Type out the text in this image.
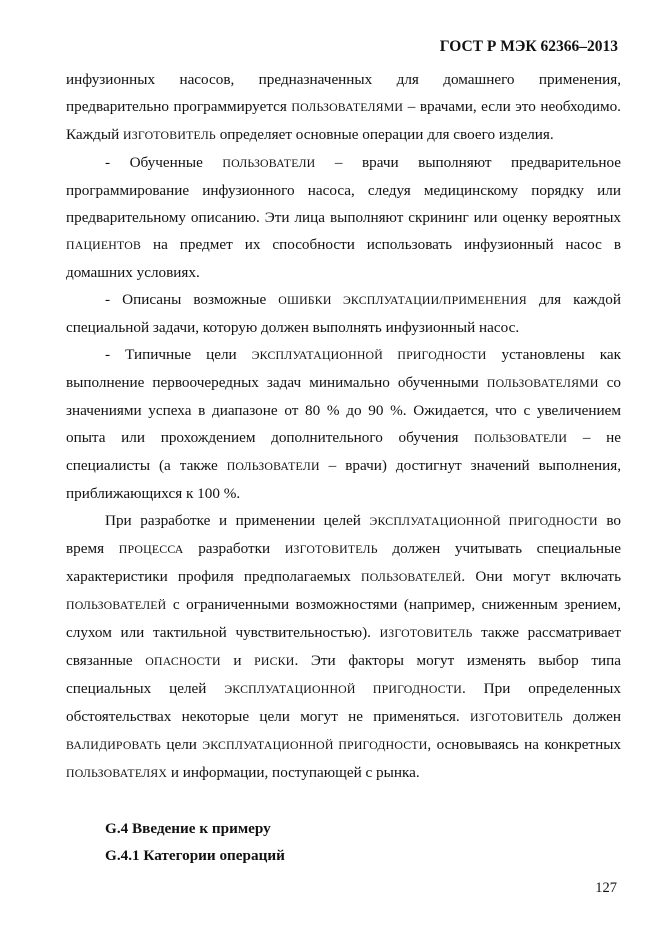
ГОСТ Р МЭК 62366–2013

инфузионных насосов, предназначенных для домашнего применения, предварительно программируется ПОЛЬЗОВАТЕЛЯМИ – врачами, если это необходимо. Каждый ИЗГОТОВИТЕЛЬ определяет основные операции для своего изделия.

- Обученные ПОЛЬЗОВАТЕЛИ – врачи выполняют предварительное программирование инфузионного насоса, следуя медицинскому порядку или предварительному описанию. Эти лица выполняют скрининг или оценку вероятных ПАЦИЕНТОВ на предмет их способности использовать инфузионный насос в домашних условиях.

- Описаны возможные ОШИБКИ ЭКСПЛУАТАЦИИ/ПРИМЕНЕНИЯ для каждой специальной задачи, которую должен выполнять инфузионный насос.

- Типичные цели ЭКСПЛУАТАЦИОННОЙ ПРИГОДНОСТИ установлены как выполнение первоочередных задач минимально обученными ПОЛЬЗОВАТЕЛЯМИ со значениями успеха в диапазоне от 80 % до 90 %. Ожидается, что с увеличением опыта или прохождением дополнительного обучения ПОЛЬЗОВАТЕЛИ – не специалисты (а также ПОЛЬЗОВАТЕЛИ – врачи) достигнут значений выполнения, приближающихся к 100 %.

При разработке и применении целей ЭКСПЛУАТАЦИОННОЙ ПРИГОДНОСТИ во время ПРОЦЕССА разработки ИЗГОТОВИТЕЛЬ должен учитывать специальные характеристики профиля предполагаемых ПОЛЬЗОВАТЕЛЕЙ. Они могут включать ПОЛЬЗОВАТЕЛЕЙ с ограниченными возможностями (например, сниженным зрением, слухом или тактильной чувствительностью). ИЗГОТОВИТЕЛЬ также рассматривает связанные ОПАСНОСТИ и РИСКИ. Эти факторы могут изменять выбор типа специальных целей ЭКСПЛУАТАЦИОННОЙ ПРИГОДНОСТИ. При определенных обстоятельствах некоторые цели могут не применяться. ИЗГОТОВИТЕЛЬ должен ВАЛИДИРОВАТЬ цели ЭКСПЛУАТАЦИОННОЙ ПРИГОДНОСТИ, основываясь на конкретных ПОЛЬЗОВАТЕЛЯХ и информации, поступающей с рынка.

G.4 Введение к примеру
G.4.1 Категории операций
127
